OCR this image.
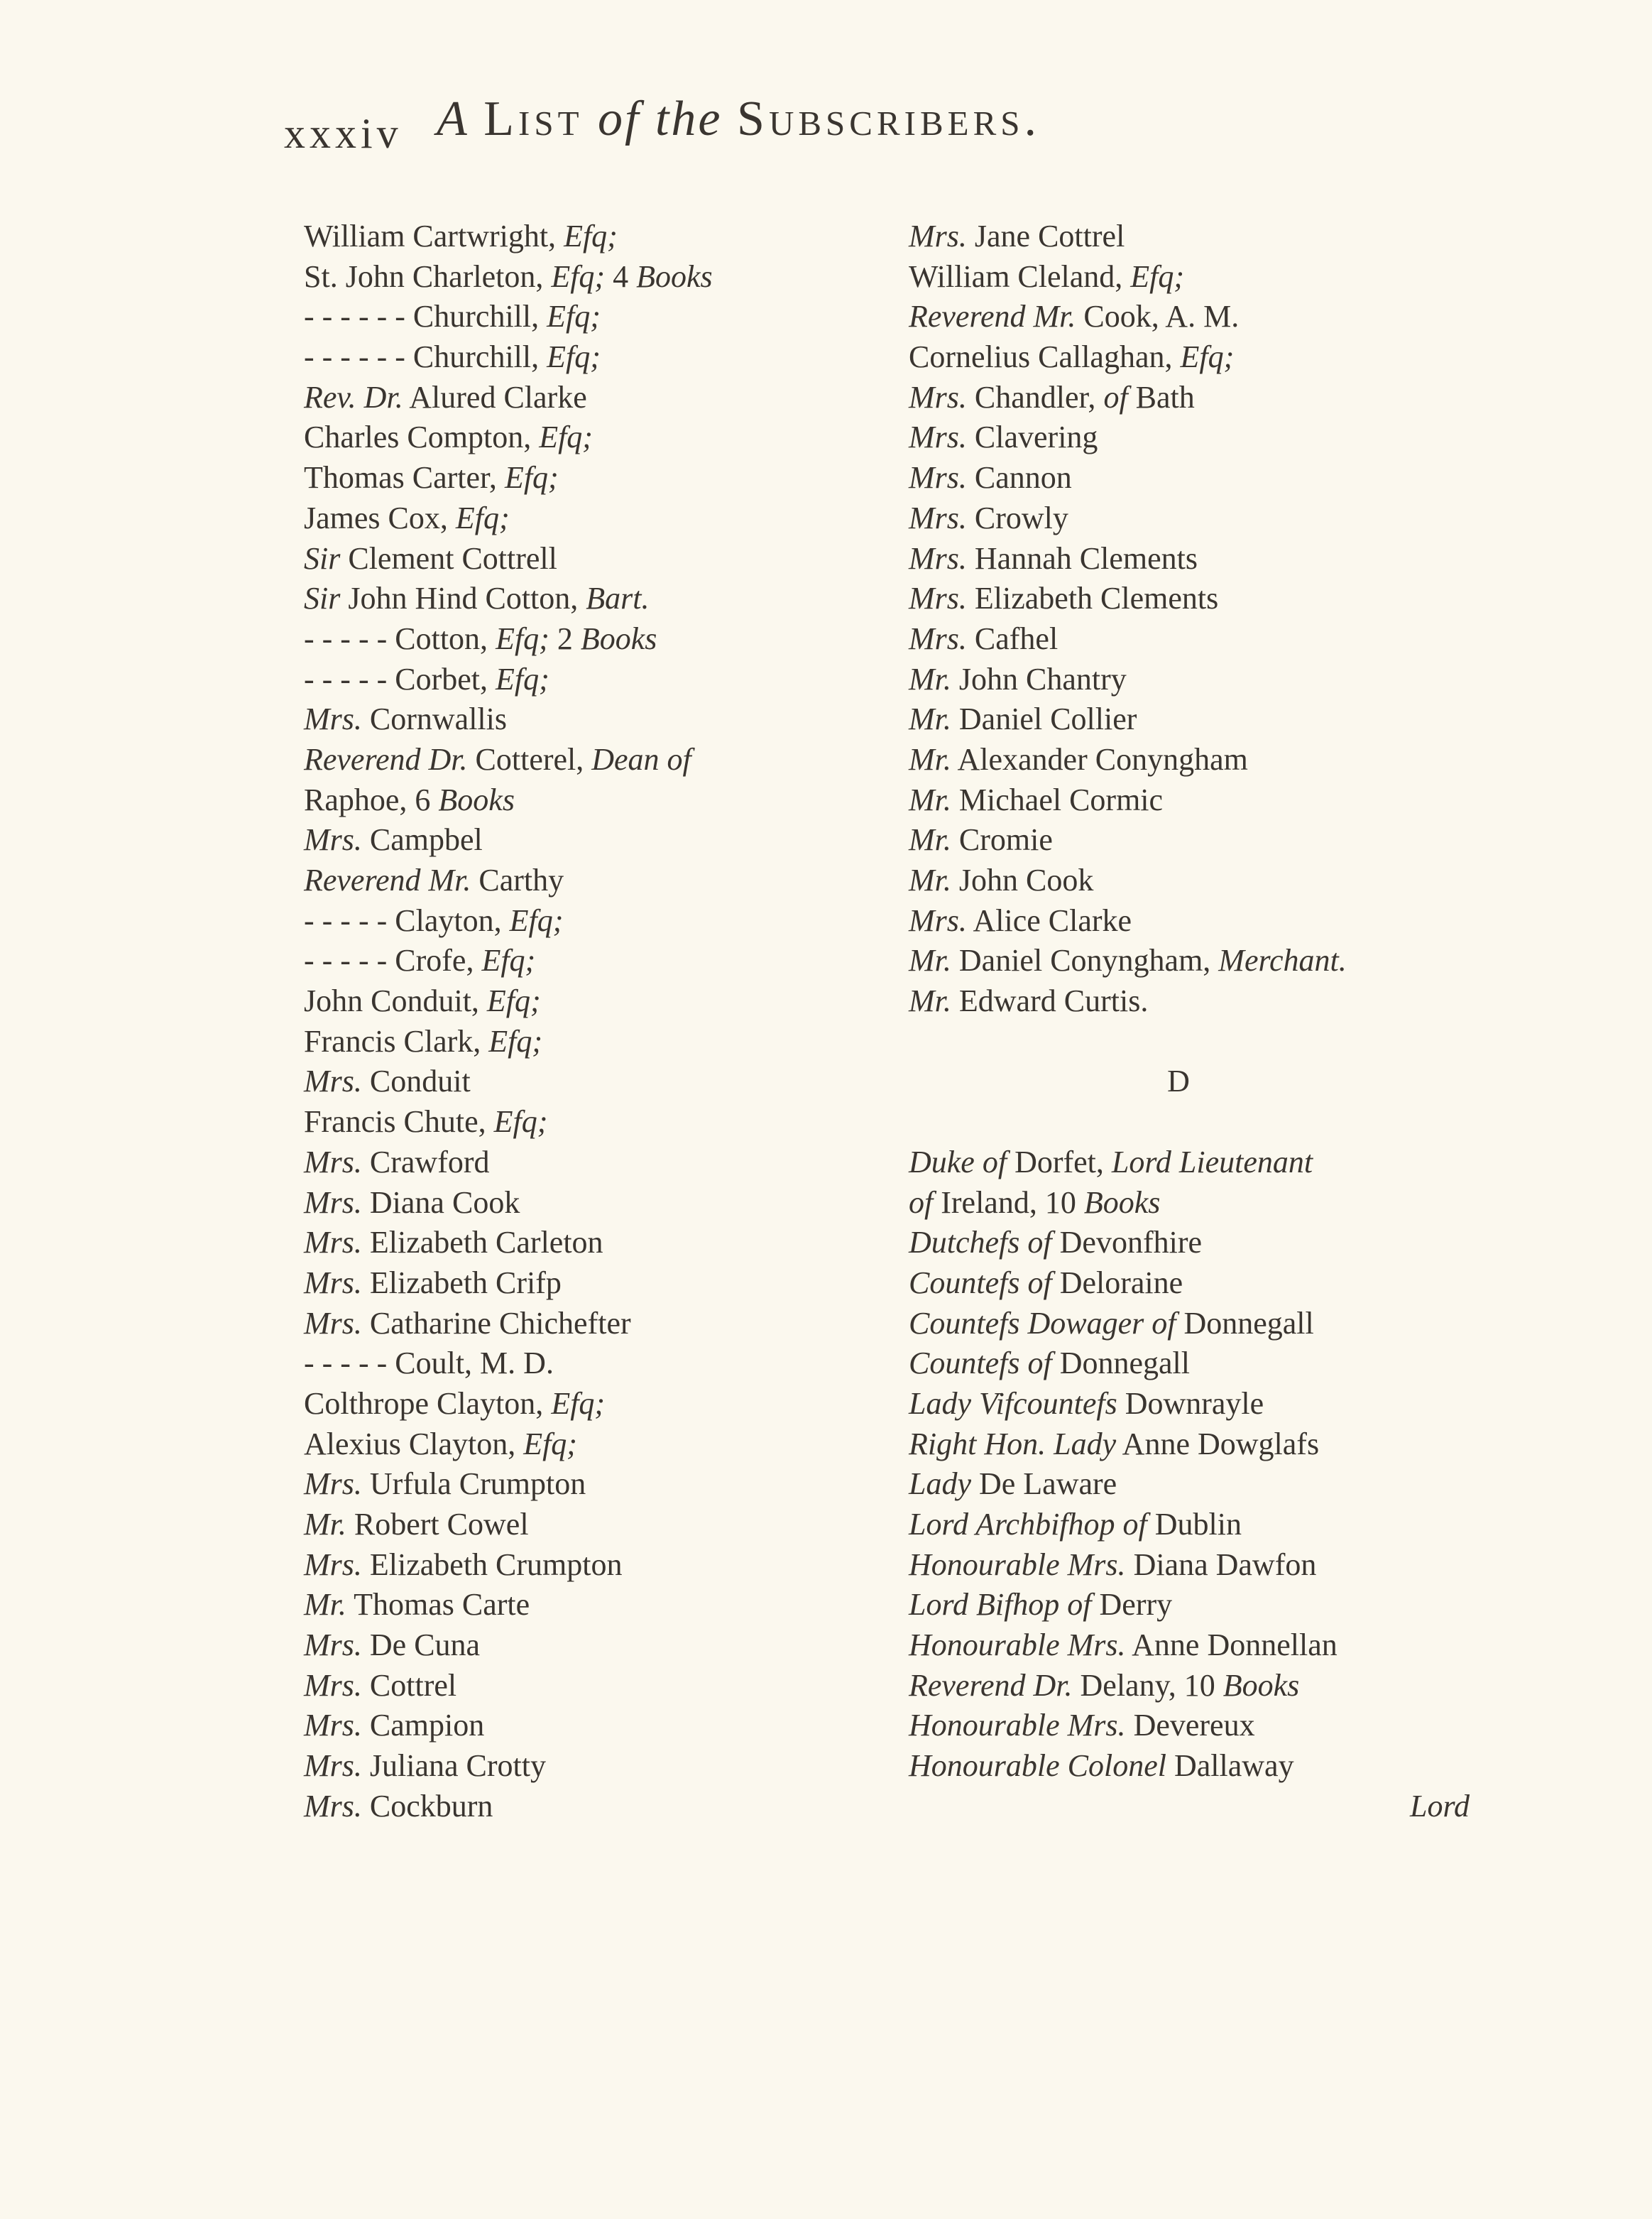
xxxiv A List of the Subscribers.
William Cartwright, Efq;
St. John Charleton, Efq; 4 Books
- - - - - - Churchill, Efq;
- - - - - - Churchill, Efq;
Rev. Dr. Alured Clarke
Charles Compton, Efq;
Thomas Carter, Efq;
James Cox, Efq;
Sir Clement Cottrell
Sir John Hind Cotton, Bart.
- - - - - Cotton, Efq; 2 Books
- - - - - Corbet, Efq;
Mrs. Cornwallis
Reverend Dr. Cotterel, Dean of
Raphoe, 6 Books
Mrs. Campbel
Reverend Mr. Carthy
- - - - - Clayton, Efq;
- - - - - Crofe, Efq;
John Conduit, Efq;
Francis Clark, Efq;
Mrs. Conduit
Francis Chute, Efq;
Mrs. Crawford
Mrs. Diana Cook
Mrs. Elizabeth Carleton
Mrs. Elizabeth Crifp
Mrs. Catharine Chichefter
- - - - - Coult, M. D.
Colthrope Clayton, Efq;
Alexius Clayton, Efq;
Mrs. Urfula Crumpton
Mr. Robert Cowel
Mrs. Elizabeth Crumpton
Mr. Thomas Carte
Mrs. De Cuna
Mrs. Cottrel
Mrs. Campion
Mrs. Juliana Crotty
Mrs. Cockburn
Mrs. Jane Cottrel
William Cleland, Efq;
Reverend Mr. Cook, A. M.
Cornelius Callaghan, Efq;
Mrs. Chandler, of Bath
Mrs. Clavering
Mrs. Cannon
Mrs. Crowly
Mrs. Hannah Clements
Mrs. Elizabeth Clements
Mrs. Cafhel
Mr. John Chantry
Mr. Daniel Collier
Mr. Alexander Conyngham
Mr. Michael Cormic
Mr. Cromie
Mr. John Cook
Mrs. Alice Clarke
Mr. Daniel Conyngham, Merchant.
Mr. Edward Curtis.
D
Duke of Dorfet, Lord Lieutenant
of Ireland, 10 Books
Dutchefs of Devonfhire
Countefs of Deloraine
Countefs Dowager of Donnegall
Countefs of Donnegall
Lady Vifcountefs Downrayle
Right Hon. Lady Anne Dowglafs
Lady De Laware
Lord Archbifhop of Dublin
Honourable Mrs. Diana Dawfon
Lord Bifhop of Derry
Honourable Mrs. Anne Donnellan
Reverend Dr. Delany, 10 Books
Honourable Mrs. Devereux
Honourable Colonel Dallaway
Lord
